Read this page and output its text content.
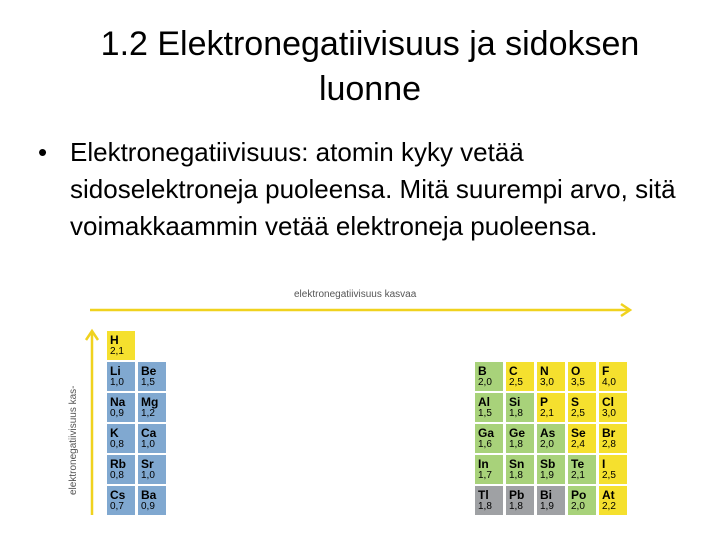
1.2 Elektronegatiivisuus ja sidoksen
luonne
• Elektronegatiivisuus: atomin kyky vetää sidoselektroneja puoleensa. Mitä suurempi arvo, sitä voimakkaammin vetää elektroneja puoleensa.
elektronegatiivisuus kasvaa
elektronegatiivisuus kas-
H
2,1
Li
1,0
Be
1,5
B
2,0
C
2,5
N
3,0
O
3,5
F
4,0
Na
0,9
Mg
1,2
Al
1,5
Si
1,8
P
2,1
S
2,5
Cl
3,0
K
0,8
Ca
1,0
Ga
1,6
Ge
1,8
As
2,0
Se
2,4
Br
2,8
Rb
0,8
Sr
1,0
In
1,7
Sn
1,8
Sb
1,9
Te
2,1
I
2,5
Cs
0,7
Ba
0,9
Tl
1,8
Pb
1,8
Bi
1,9
Po
2,0
At
2,2
